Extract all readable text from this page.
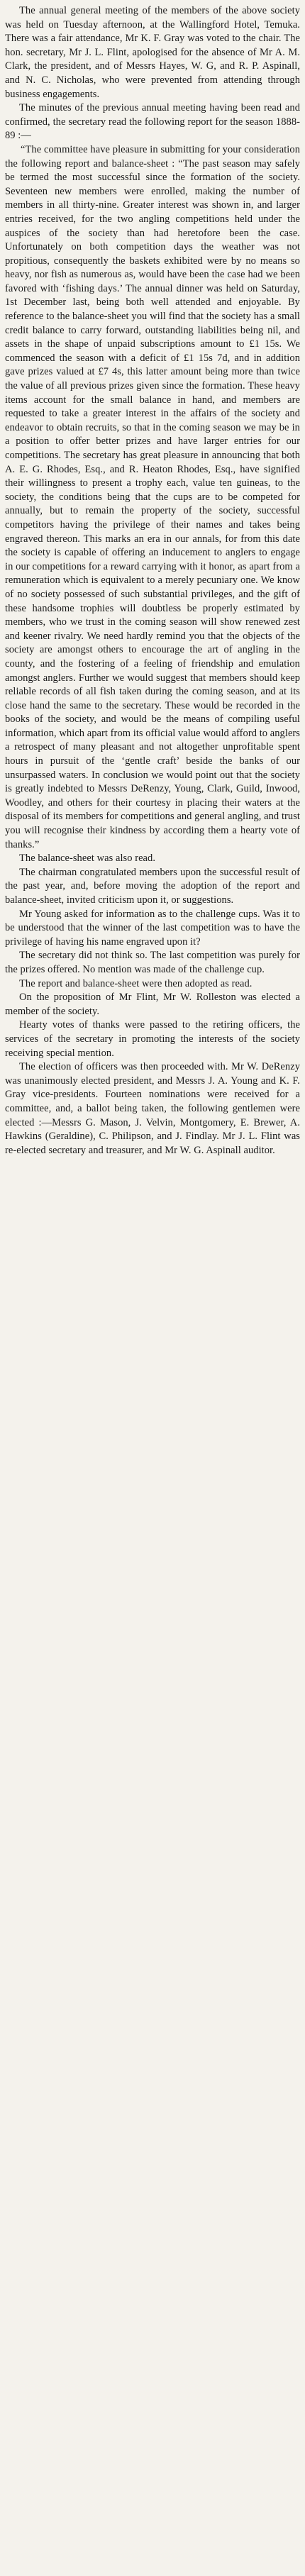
The annual general meeting of the members of the above society was held on Tuesday afternoon, at the Wallingford Hotel, Temuka. There was a fair attendance, Mr K. F. Gray was voted to the chair. The hon. secretary, Mr J. L. Flint, apologised for the absence of Mr A. M. Clark, the president, and of Messrs Hayes, W. G, and R. P. Aspinall, and N. C. Nicholas, who were prevented from attending through business engagements.

The minutes of the previous annual meeting having been read and confirmed, the secretary read the following report for the season 1888-89 :—

“The committee have pleasure in submitting for your consideration the following report and balance-sheet : “The past season may safely be termed the most successful since the formation of the society. Seventeen new members were enrolled, making the number of members in all thirty-nine. Greater interest was shown in, and larger entries received, for the two angling competitions held under the auspices of the society than had heretofore been the case. Unfortunately on both competition days the weather was not propitious, consequently the baskets exhibited were by no means so heavy, nor fish as numerous as, would have been the case had we been favored with ‘fishing days.’ The annual dinner was held on Saturday, 1st December last, being both well attended and enjoyable. By reference to the balance-sheet you will find that the society has a small credit balance to carry forward, outstanding liabilities being nil, and assets in the shape of unpaid subscriptions amount to £1 15s. We commenced the season with a deficit of £1 15s 7d, and in addition gave prizes valued at £7 4s, this latter amount being more than twice the value of all previous prizes given since the formation. These heavy items account for the small balance in hand, and members are requested to take a greater interest in the affairs of the society and endeavor to obtain recruits, so that in the coming season we may be in a position to offer better prizes and have larger entries for our competitions. The secretary has great pleasure in announcing that both A. E. G. Rhodes, Esq., and R. Heaton Rhodes, Esq., have signified their willingness to present a trophy each, value ten guineas, to the society, the conditions being that the cups are to be competed for annually, but to remain the property of the society, successful competitors having the privilege of their names and takes being engraved thereon. This marks an era in our annals, for from this date the society is capable of offering an inducement to anglers to engage in our competitions for a reward carrying with it honor, as apart from a remuneration which is equivalent to a merely pecuniary one. We know of no society possessed of such substantial privileges, and the gift of these handsome trophies will doubtless be properly estimated by members, who we trust in the coming season will show renewed zest and keener rivalry. We need hardly remind you that the objects of the society are amongst others to encourage the art of angling in the county, and the fostering of a feeling of friendship and emulation amongst anglers. Further we would suggest that members should keep reliable records of all fish taken during the coming season, and at its close hand the same to the secretary. These would be recorded in the books of the society, and would be the means of compiling useful information, which apart from its official value would afford to anglers a retrospect of many pleasant and not altogether unprofitable spent hours in pursuit of the ‘gentle craft’ beside the banks of our unsurpassed waters. In conclusion we would point out that the society is greatly indebted to Messrs DeRenzy, Young, Clark, Guild, Inwood, Woodley, and others for their courtesy in placing their waters at the disposal of its members for competitions and general angling, and trust you will recognise their kindness by according them a hearty vote of thanks.”

The balance-sheet was also read.

The chairman congratulated members upon the successful result of the past year, and, before moving the adoption of the report and balance-sheet, invited criticism upon it, or suggestions.

Mr Young asked for information as to the challenge cups. Was it to be understood that the winner of the last competition was to have the privilege of having his name engraved upon it?

The secretary did not think so. The last competition was purely for the prizes offered. No mention was made of the challenge cup.

The report and balance-sheet were then adopted as read.

On the proposition of Mr Flint, Mr W. Rolleston was elected a member of the society.

Hearty votes of thanks were passed to the retiring officers, the services of the secretary in promoting the interests of the society receiving special mention.

The election of officers was then proceeded with. Mr W. DeRenzy was unanimously elected president, and Messrs J. A. Young and K. F. Gray vice-presidents. Fourteen nominations were received for a committee, and, a ballot being taken, the following gentlemen were elected :—Messrs G. Mason, J. Velvin, Montgomery, E. Brewer, A. Hawkins (Geraldine), C. Philipson, and J. Findlay. Mr J. L. Flint was re-elected secretary and treasurer, and Mr W. G. Aspinall auditor.
